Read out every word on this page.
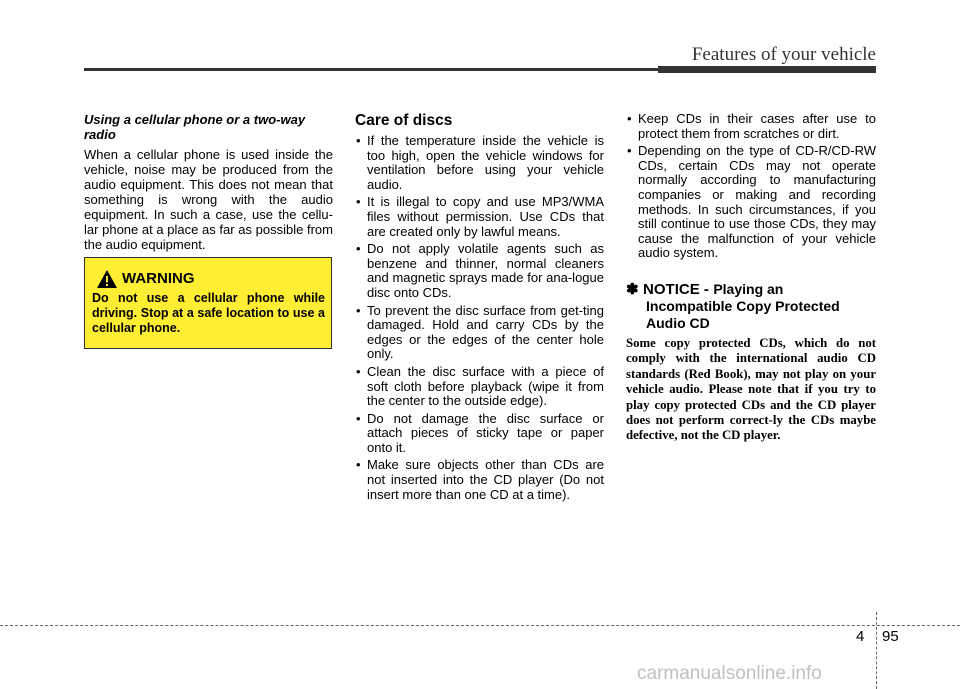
Features of your vehicle

Using a cellular phone or a two-way
radio

When a cellular phone is used inside the vehicle, noise may be produced from the audio equipment. This does not mean that something is wrong with the audio equipment. In such a case, use the cellu-lar phone at a place as far as possible from the audio equipment.

WARNING
Do not use a cellular phone while driving. Stop at a safe location to use a cellular phone.
Care of discs
• If the temperature inside the vehicle is too high, open the vehicle windows for ventilation before using your vehicle audio.
• It is illegal to copy and use MP3/WMA files without permission. Use CDs that are created only by lawful means.
• Do not apply volatile agents such as benzene and thinner, normal cleaners and magnetic sprays made for ana-logue disc onto CDs.
• To prevent the disc surface from get-ting damaged. Hold and carry CDs by the edges or the edges of the center hole only.
• Clean the disc surface with a piece of soft cloth before playback (wipe it from the center to the outside edge).
• Do not damage the disc surface or attach pieces of sticky tape or paper onto it.
• Make sure objects other than CDs are not inserted into the CD player (Do not insert more than one CD at a time).
• Keep CDs in their cases after use to protect them from scratches or dirt.
• Depending on the type of CD-R/CD-RW CDs, certain CDs may not operate normally according to manufacturing companies or making and recording methods. In such circumstances, if you still continue to use those CDs, they may cause the malfunction of your vehicle audio system.
✽ NOTICE - Playing an
Incompatible Copy Protected
Audio CD

Some copy protected CDs, which do not comply with the international audio CD standards (Red Book), may not play on your vehicle audio. Please note that if you try to play copy protected CDs and the CD player does not perform correct-ly the CDs maybe defective, not the CD player.

4 95
carmanualsonline.info
